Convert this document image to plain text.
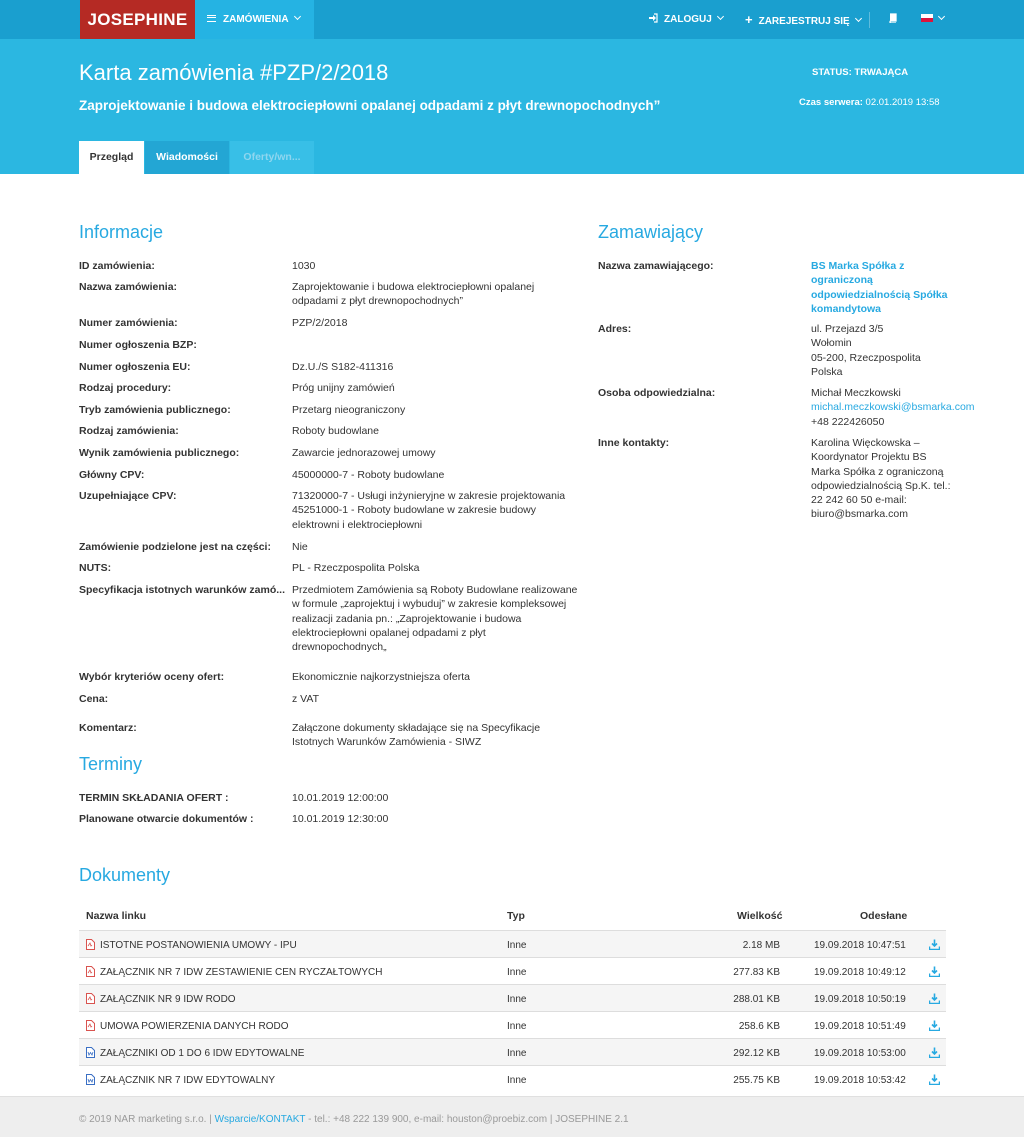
JOSEPHINE	ZAMÓWIENIA	ZALOGUJ	+ ZAREJESTRUJ SIĘ
Karta zamówienia #PZP/2/2018
Zaprojektowanie i budowa elektrociepłowni opalanej odpadami z płyt drewnopochodnych”
STATUS: TRWAJĄCA
Czas serwera: 02.01.2019 13:58
Przegląd	Wiadomości	Oferty/wn...
Informacje
ID zamówienia:	1030
Nazwa zamówienia:	Zaprojektowanie i budowa elektrociepłowni opalanej odpadami z płyt drewnopochodnych”
Numer zamówienia:	PZP/2/2018
Numer ogłoszenia BZP:
Numer ogłoszenia EU:	Dz.U./S S182-411316
Rodzaj procedury:	Próg unijny zamówień
Tryb zamówienia publicznego:	Przetarg nieograniczony
Rodzaj zamówienia:	Roboty budowlane
Wynik zamówienia publicznego:	Zawarcie jednorazowej umowy
Główny CPV:	45000000-7 - Roboty budowlane
Uzupełniające CPV:	71320000-7 - Usługi inżynieryjne w zakresie projektowania 45251000-1 - Roboty budowlane w zakresie budowy elektrowni i elektrociepłowni
Zamówienie podzielone jest na części: Nie
NUTS:	PL - Rzeczpospolita Polska
Specyfikacja istotnych warunków zamó... Przedmiotem Zamówienia są Roboty Budowlane realizowane w formule „zaprojektuj i wybuduj” w zakresie kompleksowej realizacji zadania pn.: „Zaprojektowanie i budowa elektrociepłowni opalanej odpadami z płyt drewnopochodnych„
Wybór kryteriów oceny ofert:	Ekonomicznie najkorzystniejsza oferta
Cena:	z VAT
Komentarz:	Załączone dokumenty składające się na Specyfikacje Istotnych Warunków Zamówienia - SIWZ
Zamawiający
Nazwa zamawiającego:	BS Marka Spółka z ograniczoną odpowiedzialnością Spółka komandytowa
Adres:	ul. Przejazd 3/5
Wołomin
05-200, Rzeczpospolita
Polska
Osoba odpowiedzialna:	Michał Meczkowski
michal.meczkowski@bsmarka.com
+48 222426050
Inne kontakty:	Karolina Więckowska – Koordynator Projektu BS Marka Spółka z ograniczoną odpowiedzialnością Sp.K. tel.: 22 242 60 50 e-mail: biuro@bsmarka.com
Terminy
TERMIN SKŁADANIA OFERT :	10.01.2019 12:00:00
Planowane otwarcie dokumentów :	10.01.2019 12:30:00
Dokumenty
Nazwa linku	Typ	Wielkość	Odesłane
ISTOTNE POSTANOWIENIA UMOWY - IPU	Inne	2.18 MB	19.09.2018 10:47:51
ZAŁĄCZNIK NR 7 IDW ZESTAWIENIE CEN RYCZAŁTOWYCH	Inne	277.83 KB	19.09.2018 10:49:12
ZAŁĄCZNIK NR 9 IDW RODO	Inne	288.01 KB	19.09.2018 10:50:19
UMOWA POWIERZENIA DANYCH RODO	Inne	258.6 KB	19.09.2018 10:51:49
ZAŁĄCZNIKI OD 1 DO 6 IDW EDYTOWALNE	Inne	292.12 KB	19.09.2018 10:53:00
ZAŁĄCZNIK NR 7 IDW EDYTOWALNY	Inne	255.75 KB	19.09.2018 10:53:42
© 2019 NAR marketing s.r.o. | Wsparcie/KONTAKT - tel.: +48 222 139 900, e-mail: houston@proebiz.com | JOSEPHINE 2.1
